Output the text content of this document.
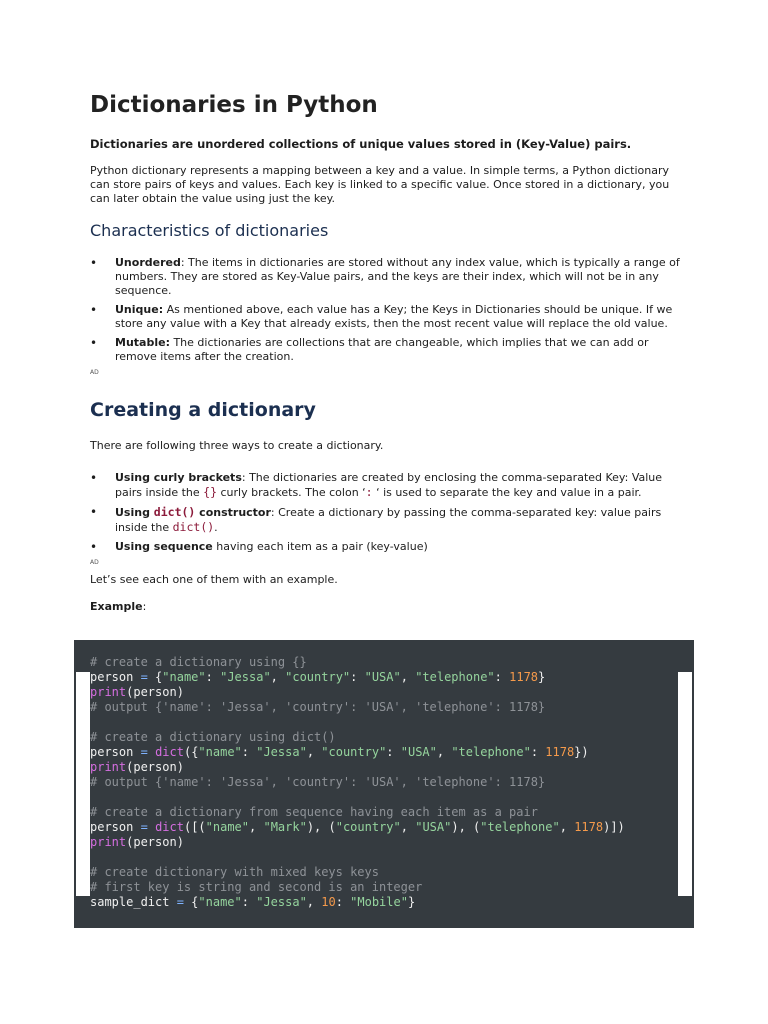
Dictionaries in Python
Dictionaries are unordered collections of unique values stored in (Key-Value) pairs.

Python dictionary represents a mapping between a key and a value. In simple terms, a Python dictionary can store pairs of keys and values. Each key is linked to a specific value. Once stored in a dictionary, you can later obtain the value using just the key.

Characteristics of dictionaries
• Unordered: The items in dictionaries are stored without any index value, which is typically a range of numbers. They are stored as Key-Value pairs, and the keys are their index, which will not be in any sequence.
• Unique: As mentioned above, each value has a Key; the Keys in Dictionaries should be unique. If we store any value with a Key that already exists, then the most recent value will replace the old value.
• Mutable: The dictionaries are collections that are changeable, which implies that we can add or remove items after the creation.
AD
Creating a dictionary

There are following three ways to create a dictionary.

• Using curly brackets: The dictionaries are created by enclosing the comma-separated Key: Value pairs inside the {} curly brackets. The colon ‘: ‘ is used to separate the key and value in a pair.
• Using dict() constructor: Create a dictionary by passing the comma-separated key: value pairs inside the dict().
• Using sequence having each item as a pair (key-value)
AD

Let’s see each one of them with an example.

Example:

# create a dictionary using {}
person = {"name": "Jessa", "country": "USA", "telephone": 1178}
print(person)
# output {'name': 'Jessa', 'country': 'USA', 'telephone': 1178}

# create a dictionary using dict()
person = dict({"name": "Jessa", "country": "USA", "telephone": 1178})
print(person)
# output {'name': 'Jessa', 'country': 'USA', 'telephone': 1178}

# create a dictionary from sequence having each item as a pair
person = dict([("name", "Mark"), ("country", "USA"), ("telephone", 1178)])
print(person)

# create dictionary with mixed keys keys
# first key is string and second is an integer
sample_dict = {"name": "Jessa", 10: "Mobile"}
